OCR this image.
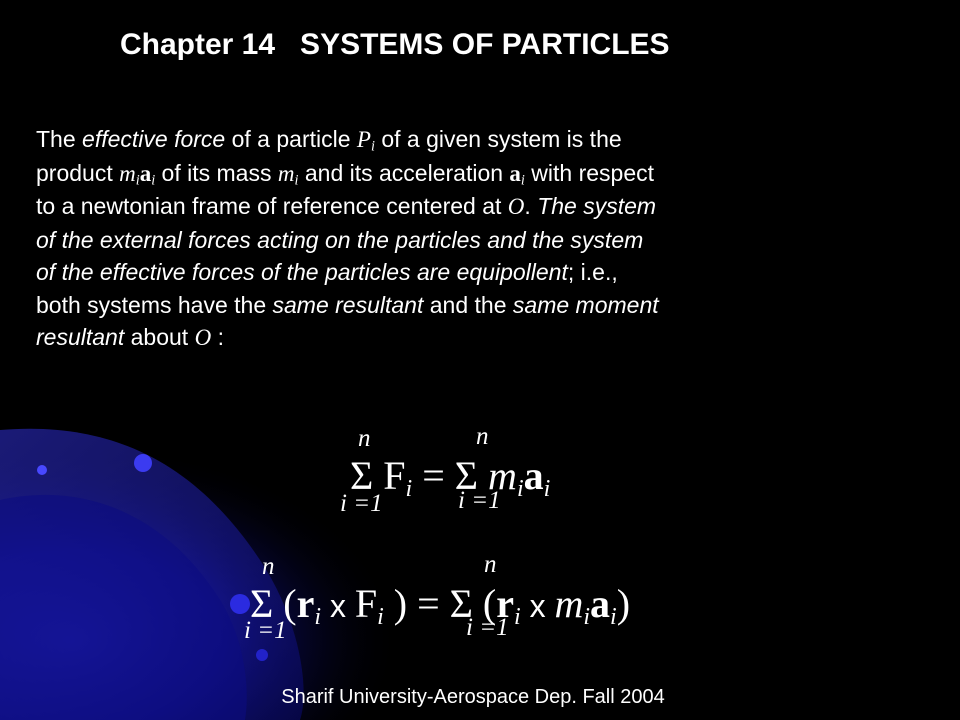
Chapter 14   SYSTEMS OF PARTICLES
The effective force of a particle $P_i$ of a given system is the
product $m_ia_i$ of its mass $m_i$ and its acceleration $a_i$ with respect
to a newtonian frame of reference centered at O. The system
of the external forces acting on the particles and the system
of the effective forces of the particles are equipollent; i.e.,
both systems have the same resultant and the same moment
resultant about O :
Σ $F_i = \Sigma$ $m_ia_i$
n	n
i =1	i =1
Σ ($r_i$ x $F_i$ ) = Σ ($r_i$ x $m_ia_i$)
n	n
i =1	i =1
Sharif University-Aerospace Dep. Fall 2004
